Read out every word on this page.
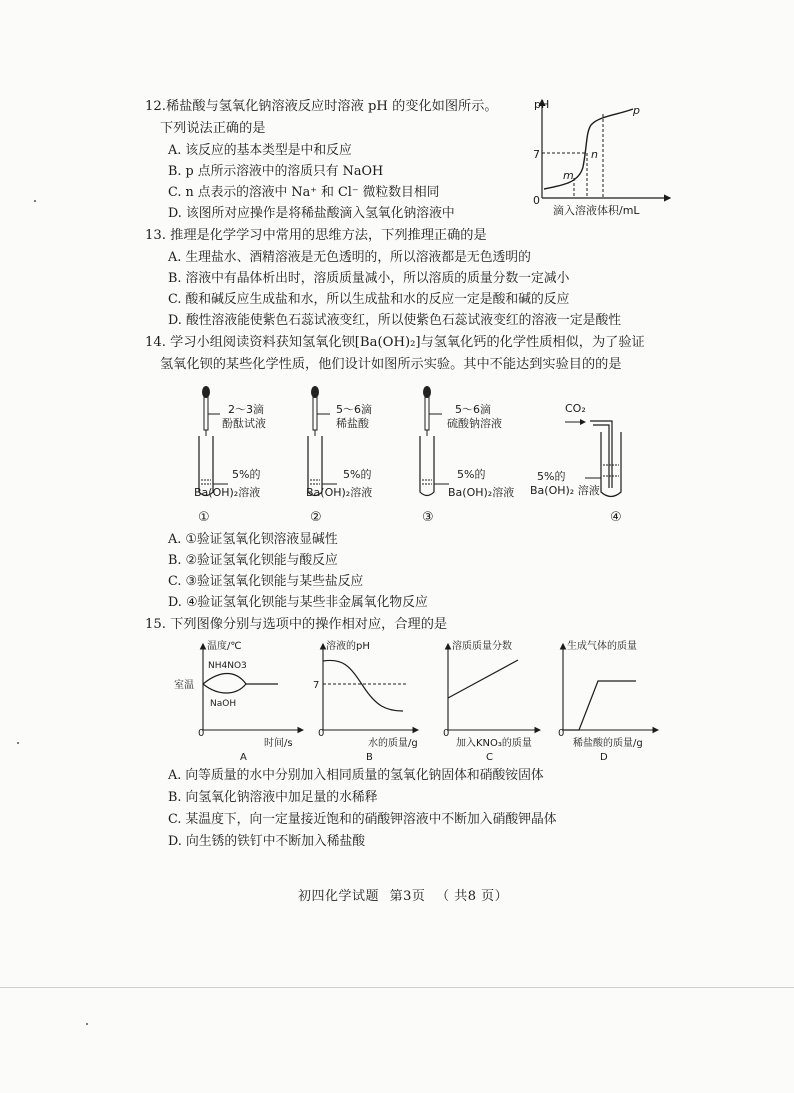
12.稀盐酸与氢氧化钠溶液反应时溶液 pH 的变化如图所示。
下列说法正确的是
A. 该反应的基本类型是中和反应
B. p 点所示溶液中的溶质只有 NaOH
C. n 点表示的溶液中 Na⁺ 和 Cl⁻ 微粒数目相同
D. 该图所对应操作是将稀盐酸滴入氢氧化钠溶液中
pH
0
7
m
n
p
滴入溶液体积/mL
13. 推理是化学学习中常用的思维方法，下列推理正确的是
A. 生理盐水、酒精溶液是无色透明的，所以溶液都是无色透明的
B. 溶液中有晶体析出时，溶质质量减小，所以溶质的质量分数一定减小
C. 酸和碱反应生成盐和水，所以生成盐和水的反应一定是酸和碱的反应
D. 酸性溶液能使紫色石蕊试液变红，所以使紫色石蕊试液变红的溶液一定是酸性
14. 学习小组阅读资料获知氢氧化钡[Ba(OH)₂]与氢氧化钙的化学性质相似，为了验证
氢氧化钡的某些化学性质，他们设计如图所示实验。其中不能达到实验目的的是
2～3滴
酚酞试液
5%的
Ba(OH)₂溶液
①
5～6滴
稀盐酸
5%的
Ba(OH)₂溶液
②
5～6滴
硫酸钠溶液
5%的
Ba(OH)₂溶液
③
CO₂
5%的
Ba(OH)₂ 溶液
④
A. ①验证氢氧化钡溶液显碱性
B. ②验证氢氧化钡能与酸反应
C. ③验证氢氧化钡能与某些盐反应
D. ④验证氢氧化钡能与某些非金属氧化物反应
15. 下列图像分别与选项中的操作相对应，合理的是
温度/℃
0
室温
NH4NO3
NaOH
时间/s
A
溶液的pH
0
7
水的质量/g
B
溶质质量分数
0
加入KNO₃的质量
C
生成气体的质量
0
稀盐酸的质量/g
D
A. 向等质量的水中分别加入相同质量的氢氧化钠固体和硝酸铵固体
B. 向氢氧化钠溶液中加足量的水稀释
C. 某温度下，向一定量接近饱和的硝酸钾溶液中不断加入硝酸钾晶体
D. 向生锈的铁钉中不断加入稀盐酸
初四化学试题 第3页 （ 共8 页）
